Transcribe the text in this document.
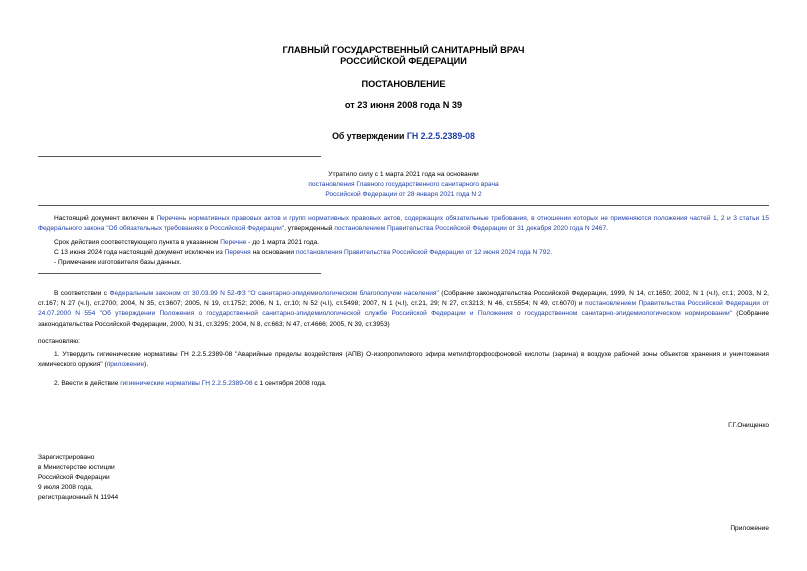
ГЛАВНЫЙ ГОСУДАРСТВЕННЫЙ САНИТАРНЫЙ ВРАЧ
РОССИЙСКОЙ ФЕДЕРАЦИИ
ПОСТАНОВЛЕНИЕ
от 23 июня 2008 года N 39
Об утверждении ГН 2.2.5.2389-08
Утратило силу с 1 марта 2021 года на основании
постановления Главного государственного санитарного врача
Российской Федерации от 28 января 2021 года N 2
Настоящий документ включен в Перечень нормативных правовых актов и групп нормативных правовых актов, содержащих обязательные требования, в отношении которых не применяются положения частей 1, 2 и 3 статьи 15 Федерального закона "Об обязательных требованиях в Российской Федерации", утвержденный постановлением Правительства Российской Федерации от 31 декабря 2020 года N 2467.
Срок действия соответствующего пункта в указанном Перечне - до 1 марта 2021 года.
С 13 июня 2024 года настоящий документ исключен из Перечня на основании постановления Правительства Российской Федерации от 12 июня 2024 года N 792.
- Примечание изготовителя базы данных.
В соответствии с Федеральным законом от 30.03.99 N 52-ФЗ "О санитарно-эпидемиологическом благополучии населения" (Собрание законодательства Российской Федерации, 1999, N 14, ст.1650; 2002, N 1 (ч.I), ст.1; 2003, N 2, ст.167; N 27 (ч.I), ст.2700; 2004, N 35, ст.3607; 2005, N 19, ст.1752; 2006, N 1, ст.10; N 52 (ч.I), ст.5498; 2007, N 1 (ч.I), ст.21, 29; N 27, ст.3213; N 46, ст.5554; N 49, ст.6070) и постановлением Правительства Российской Федерации от 24.07.2000 N 554 "Об утверждении Положения о государственной санитарно-эпидемиологической службе Российской Федерации и Положения о государственном санитарно-эпидемиологическом нормировании" (Собрание законодательства Российской Федерации, 2000, N 31, ст.3295; 2004, N 8, ст.663; N 47, ст.4666; 2005, N 39, ст.3953)
постановляю:
1. Утвердить гигиенические нормативы ГН 2.2.5.2389-08 "Аварийные пределы воздействия (АПВ) О-изопропилового эфира метилфторфосфоновой кислоты (зарина) в воздухе рабочей зоны объектов хранения и уничтожения химического оружия" (приложение).
2. Ввести в действие гигиенические нормативы ГН 2.2.5.2389-08 с 1 сентября 2008 года.
Г.Г.Онищенко
Зарегистрировано
в Министерстве юстиции
Российской Федерации
9 июля 2008 года,
регистрационный N 11944
Приложение
